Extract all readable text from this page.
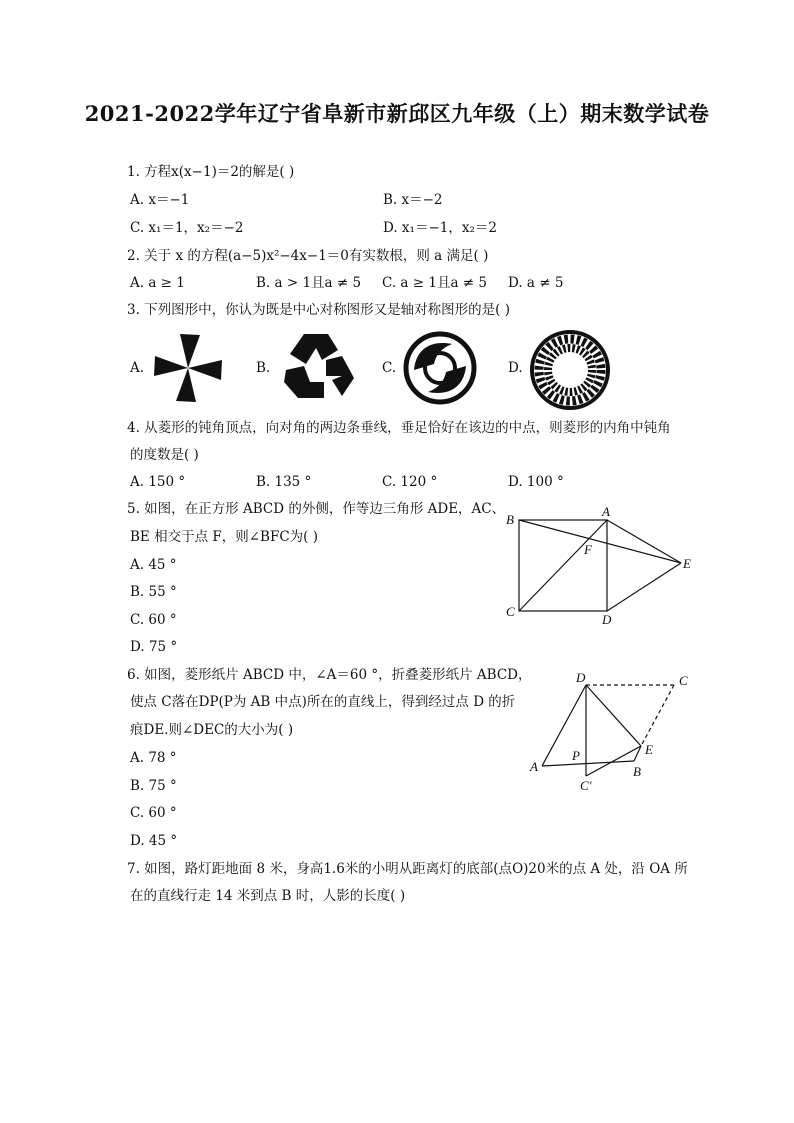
2021-2022学年辽宁省阜新市新邱区九年级（上）期末数学试卷
1. 方程x(x−1)＝2的解是( )
A. x＝−1	B. x＝−2
C. x₁＝1，x₂＝−2	D. x₁＝−1，x₂＝2
2. 关于 x 的方程(a−5)x²−4x−1＝0有实数根，则 a 满足( )
A. a ≥ 1	B. a > 1且a ≠ 5 C. a ≥ 1且a ≠ 5 D. a ≠ 5
3. 下列图形中，你认为既是中心对称图形又是轴对称图形的是( )
A.	B.	C.	D.
4. 从菱形的钝角顶点，向对角的两边条垂线，垂足恰好在该边的中点，则菱形的内角中钝角
的度数是( )
A. 150 °	B. 135 °	C. 120 °	D. 100 °
5. 如图，在正方形 ABCD 的外侧，作等边三角形 ADE，AC、
BE 相交于点 F，则∠BFC为( )
A. 45 °
B. 55 °
C. 60 °
D. 75 °
B
A
F
E
C
D
6. 如图，菱形纸片 ABCD 中，∠A＝60 °，折叠菱形纸片 ABCD，
使点 C落在DP(P为 AB 中点)所在的直线上，得到经过点 D 的折
痕DE.则∠DEC的大小为( )
A. 78 °
B. 75 °
C. 60 °
D. 45 °
D	C
E
P
A	B
C′
7. 如图，路灯距地面 8 米，身高1.6米的小明从距离灯的底部(点O)20米的点 A 处，沿 OA 所
在的直线行走 14 米到点 B 时，人影的长度( )
